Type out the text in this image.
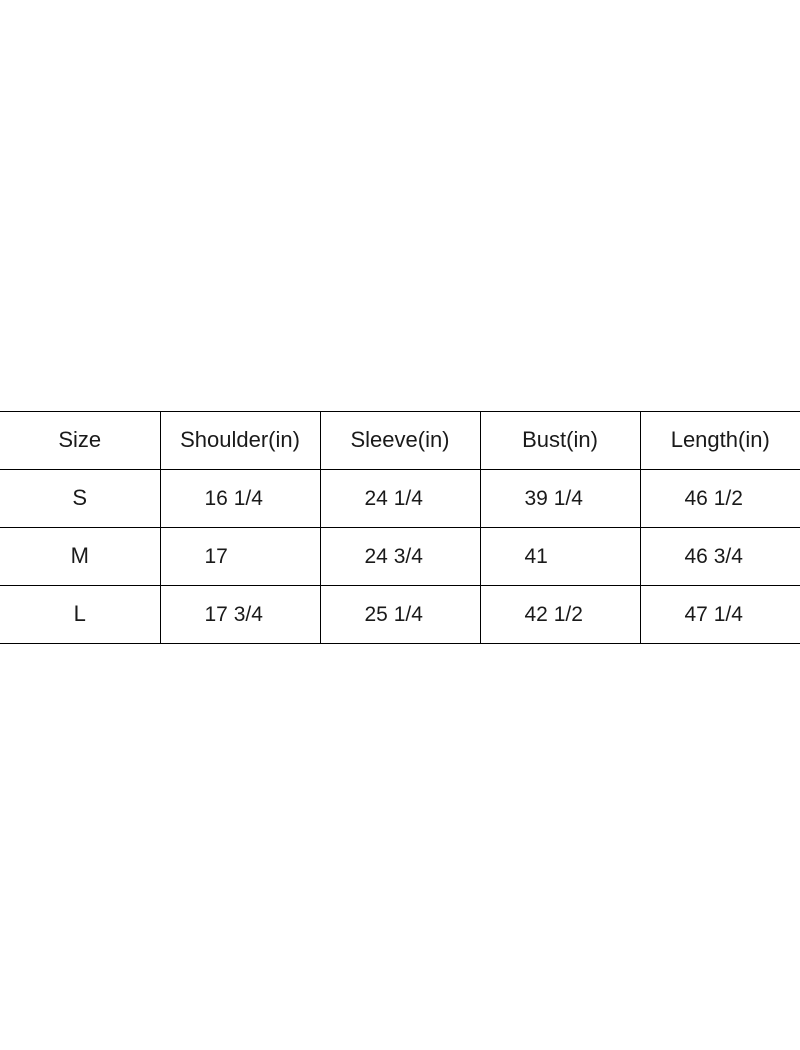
Size	Shoulder(in)	Sleeve(in)	Bust(in)	Length(in)
S	16 1/4	24 1/4	39 1/4	46 1/2
M	17	24 3/4	41	46 3/4
L	17 3/4	25 1/4	42 1/2	47 1/4
